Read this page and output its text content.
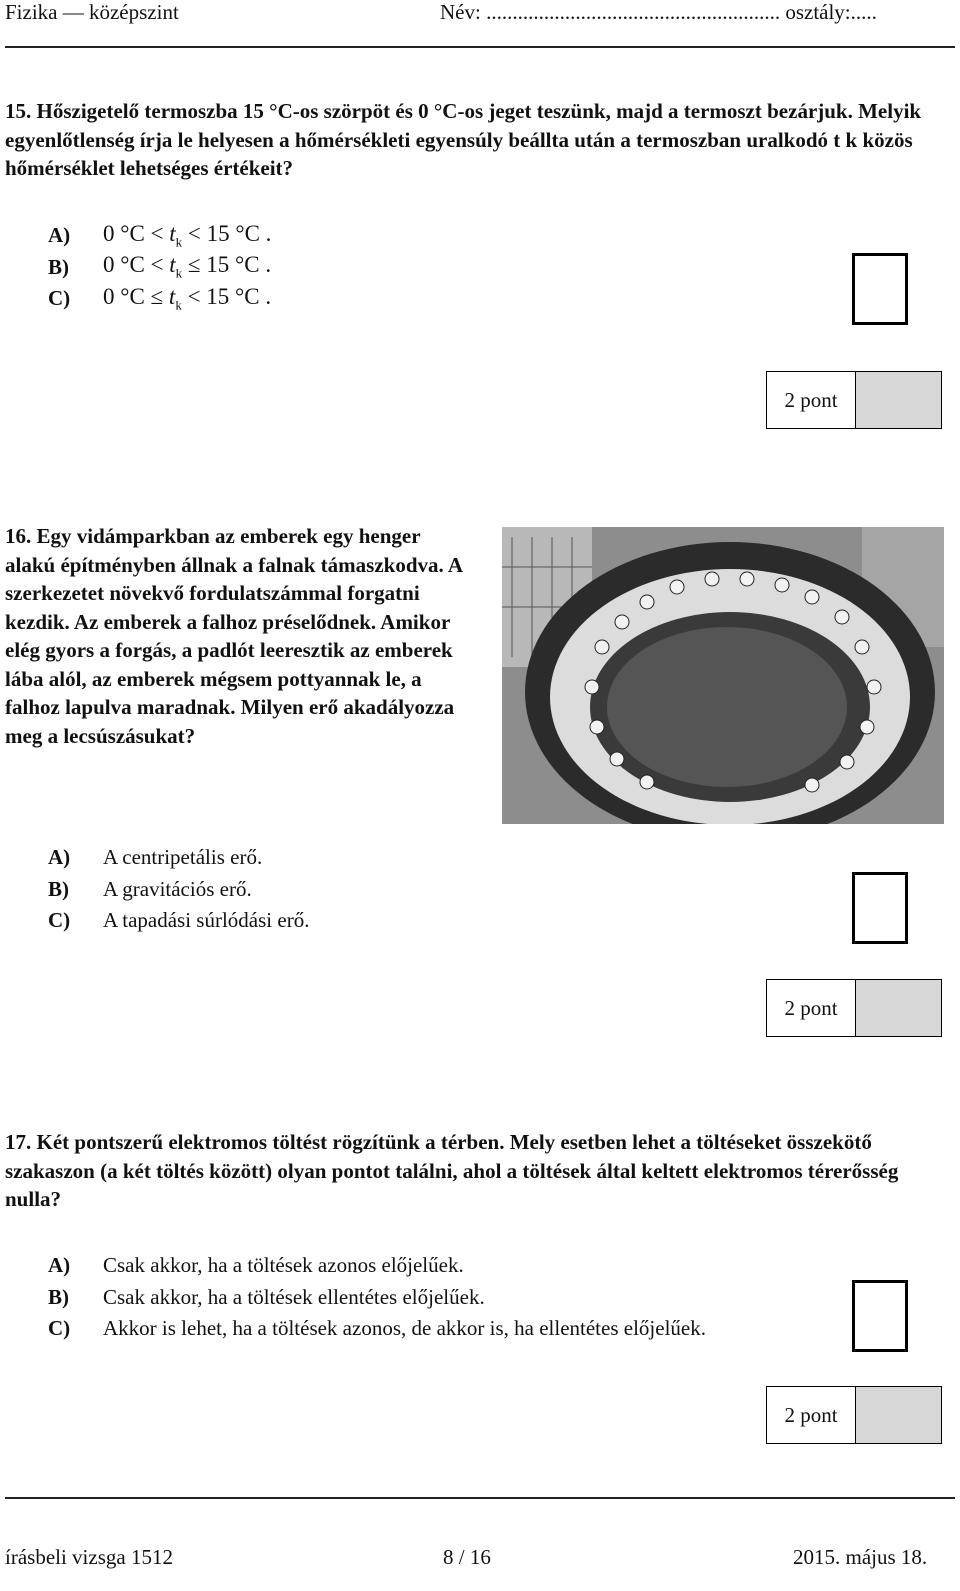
Fizika — középszint	Név: ........................................................ osztály:.....

15. Hőszigetelő termoszba 15 °C-os szörpöt és 0 °C-os jeget teszünk, majd a termoszt bezárjuk. Melyik egyenlőtlenség írja le helyesen a hőmérsékleti egyensúly beállta után a termoszban uralkodó t k közös hőmérséklet lehetséges értékeit?

A)	0 $^\circ C < t_k < 15$ °C .
B)	0 $^\circ C < t_k \le 15$ °C .
C)	0 $^\circ C \le t_k < 15$ °C .
2 pont

16. Egy vidámparkban az emberek egy henger alakú építményben állnak a falnak támaszkodva. A szerkezetet növekvő fordulatszámmal forgatni kezdik. Az emberek a falhoz préselődnek. Amikor elég gyors a forgás, a padlót leeresztik az emberek lába alól, az emberek mégsem pottyannak le, a falhoz lapulva maradnak. Milyen erő akadályozza meg a lecsúszásukat?

A)	A centripetális erő.
B)	A gravitációs erő.
C)	A tapadási súrlódási erő.
2 pont

17. Két pontszerű elektromos töltést rögzítünk a térben. Mely esetben lehet a töltéseket összekötő szakaszon (a két töltés között) olyan pontot találni, ahol a töltések által keltett elektromos térerősség nulla?

A)	Csak akkor, ha a töltések azonos előjelűek.
B)	Csak akkor, ha a töltések ellentétes előjelűek.
C)	Akkor is lehet, ha a töltések azonos, de akkor is, ha ellentétes előjelűek.
2 pont
írásbeli vizsga 1512	8 / 16	2015. május 18.
